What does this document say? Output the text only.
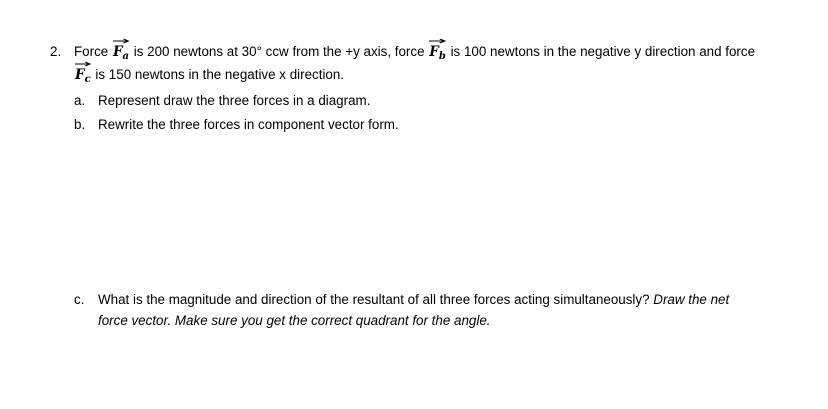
2. Force
$F_a$ is 200 newtons at 30° ccw from the +y axis, force
$F_b$ is 100 newtons in the negative y direction and force
$F_c$ is 150 newtons in the negative x direction.
a. Represent draw the three forces in a diagram.
b. Rewrite the three forces in component vector form.
c. What is the magnitude and direction of the resultant of all three forces acting simultaneously? Draw the net
force vector. Make sure you get the correct quadrant for the angle.
